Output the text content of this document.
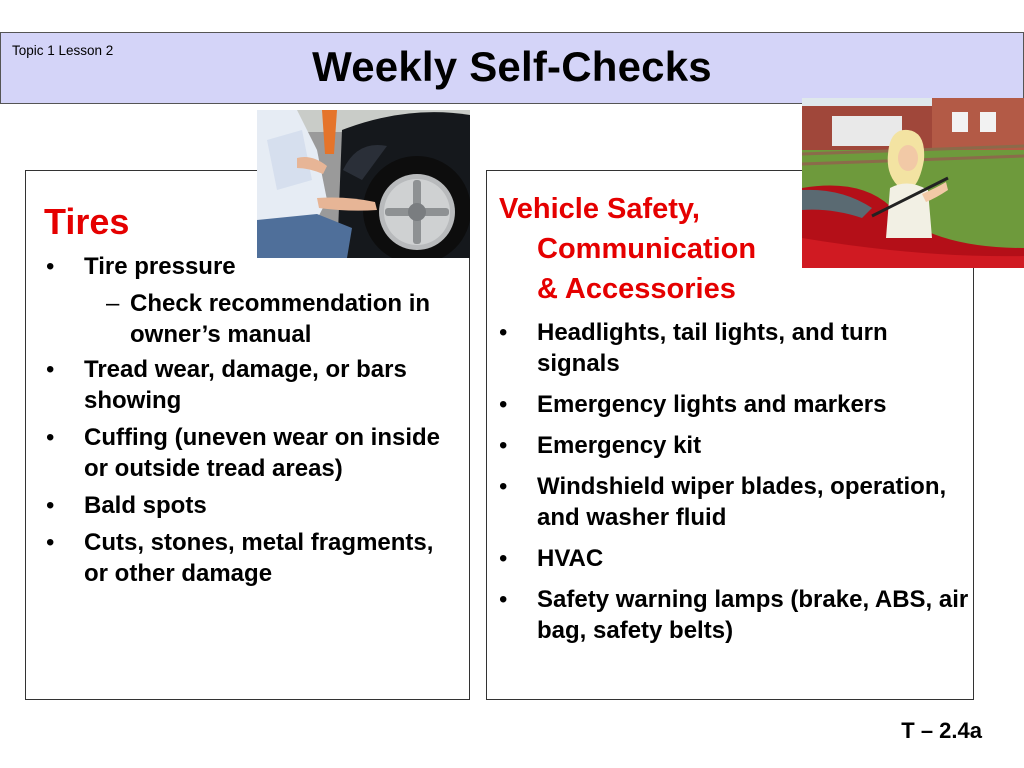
Topic 1 Lesson 2	Weekly Self-Checks
Tires
• Tire pressure
– Check recommendation in owner’s manual
• Tread wear, damage, or bars showing
• Cuffing (uneven wear on inside or outside tread areas)
• Bald spots
• Cuts, stones, metal fragments, or other damage
Vehicle Safety,
Communication
& Accessories
• Headlights, tail lights, and turn signals
• Emergency lights and markers
• Emergency kit
• Windshield wiper blades, operation, and washer fluid
• HVAC
• Safety warning lamps (brake, ABS, air bag, safety belts)
T – 2.4a
